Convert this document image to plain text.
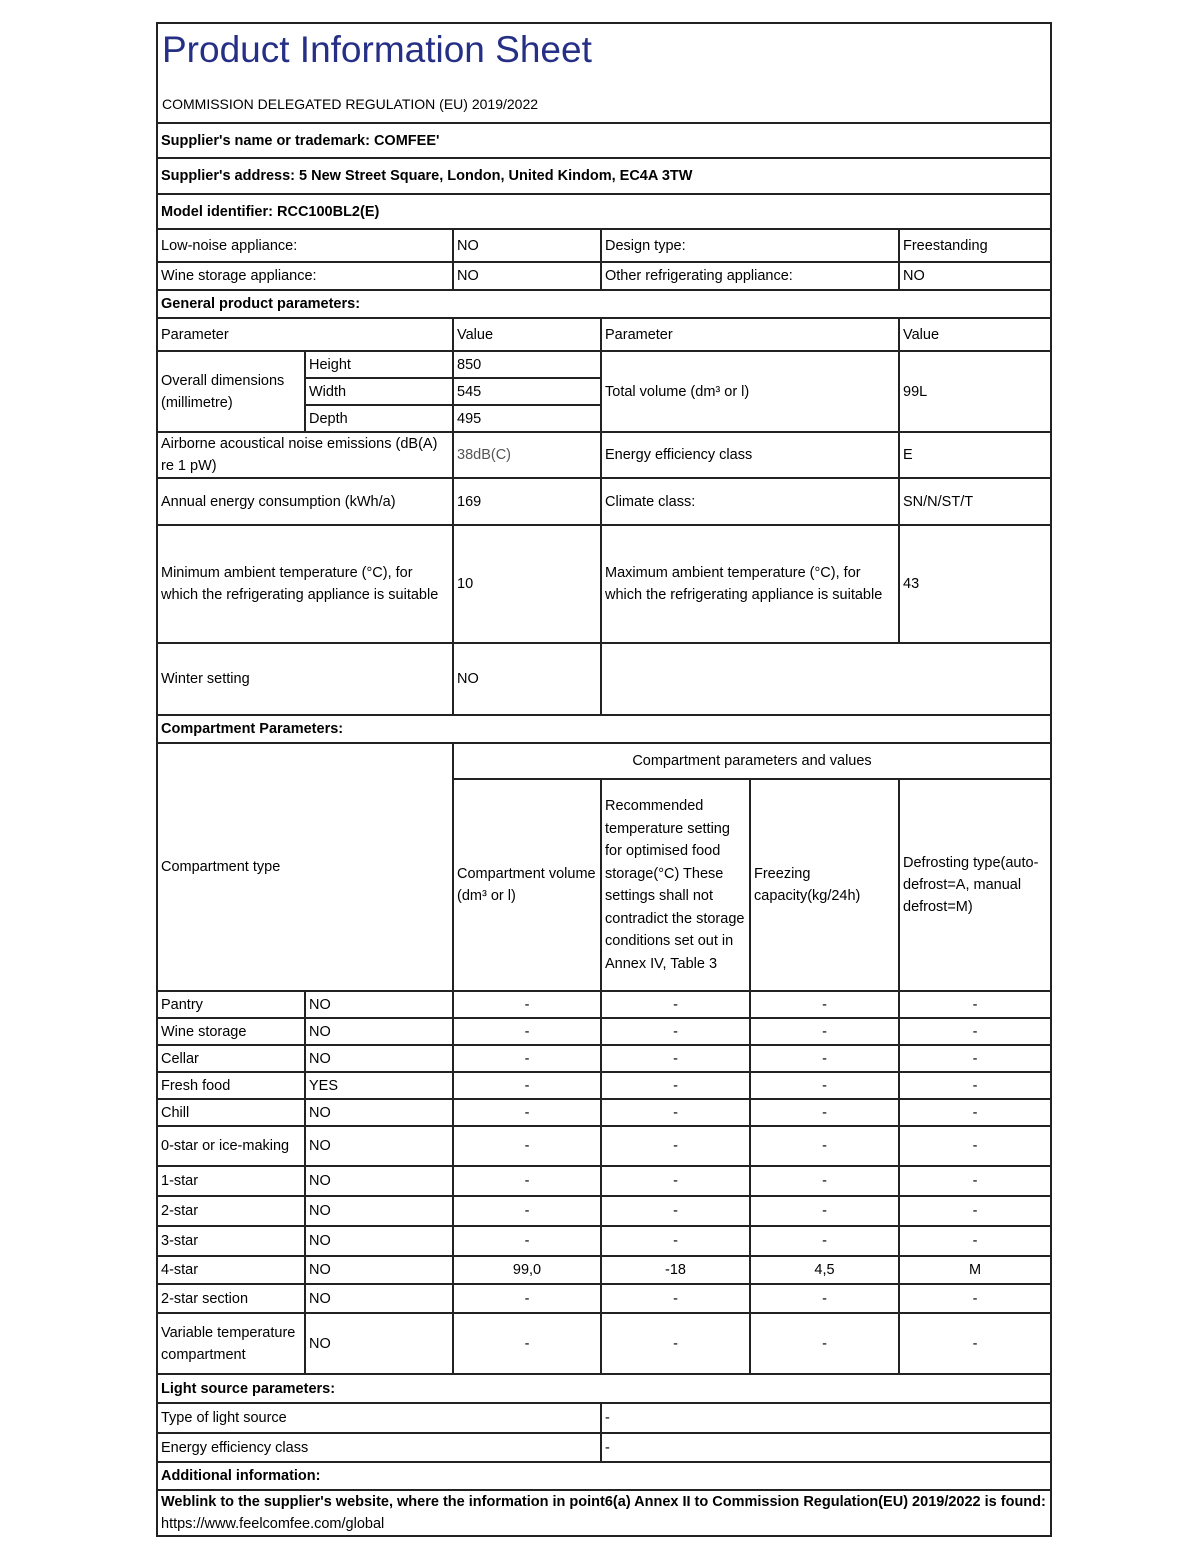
Product Information Sheet
COMMISSION DELEGATED REGULATION (EU) 2019/2022					

Supplier's name or trademark: COMFEE'					
Supplier's address: 5 New Street Square, London, United Kindom, EC4A 3TW					
Model identifier: RCC100BL2(E)					
Low-noise appliance:		NO	Design type:		Freestanding
Wine storage appliance:		NO	Other refrigerating appliance:		NO
General product parameters:					
Parameter		Value	Parameter		Value
Overall dimensions (millimetre)	Height	850	Total volume (dm³ or l)		99L
	Width	545			
	Depth	495			
Airborne acoustical noise emissions (dB(A) re 1 pW)		38dB(C)	Energy efficiency class		E
Annual energy consumption (kWh/a)		169	Climate class:		SN/N/ST/T
Minimum ambient temperature (°C), for which the refrigerating appliance is suitable		10	Maximum ambient temperature (°C), for which the refrigerating appliance is suitable		43
Winter setting		NO			
Compartment Parameters:					
Compartment type		Compartment parameters and values			
		Compartment volume (dm³ or l)	Recommended temperature setting for optimised food storage(°C) These settings shall not contradict the storage conditions set out in Annex IV, Table 3	Freezing capacity(kg/24h)	Defrosting type(auto-defrost=A, manual defrost=M)
Pantry	NO	-	-	-	-
Wine storage	NO	-	-	-	-
Cellar	NO	-	-	-	-
Fresh food	YES	-	-	-	-
Chill	NO	-	-	-	-
0-star or ice-making	NO	-	-	-	-
1-star	NO	-	-	-	-
2-star	NO	-	-	-	-
3-star	NO	-	-	-	-
4-star	NO	99,0	-18	4,5	M
2-star section	NO	-	-	-	-
Variable temperature compartment	NO	-	-	-	-
Light source parameters:					
Type of light source			-		
Energy efficiency class			-		
Additional information:					

Weblink to the supplier's website, where the information in point6(a) Annex II to Commission Regulation(EU) 2019/2022 is found:
https://www.feelcomfee.com/global					
